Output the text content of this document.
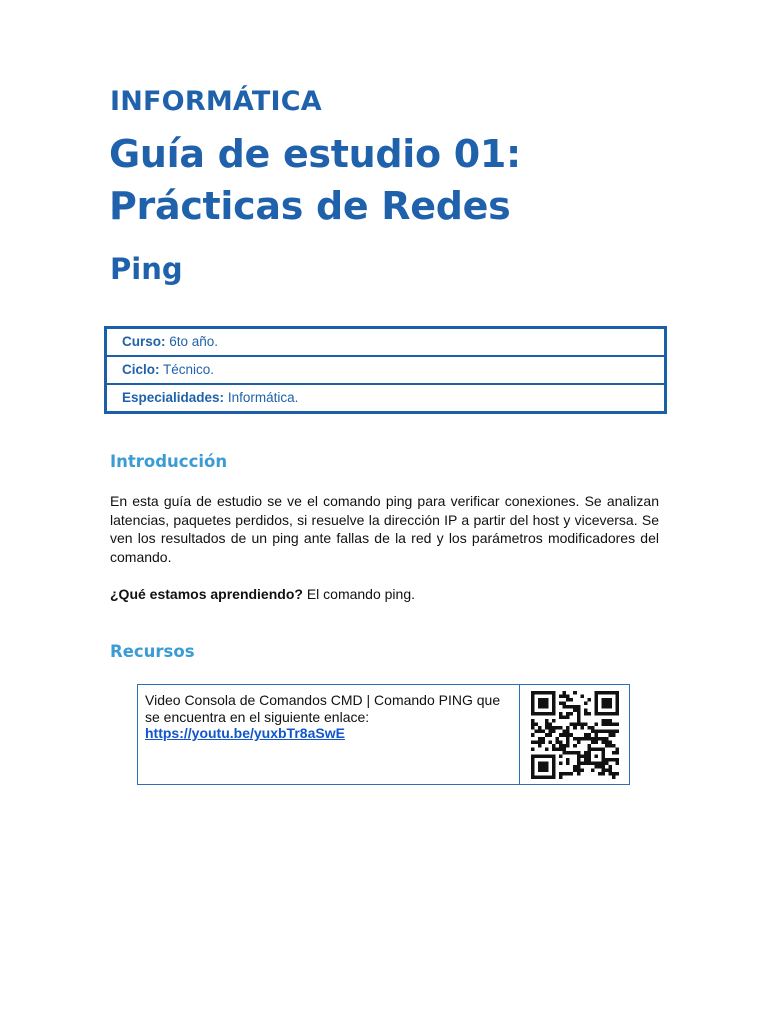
INFORMÁTICA
Guía de estudio 01:
Prácticas de Redes
Ping
Curso: 6to año.
Ciclo: Técnico.
Especialidades: Informática.
Introducción
En esta guía de estudio se ve el comando ping para verificar conexiones. Se analizan latencias, paquetes perdidos, si resuelve la dirección IP a partir del host y viceversa. Se ven los resultados de un ping ante fallas de la red y los parámetros modificadores del comando.
¿Qué estamos aprendiendo? El comando ping.
Recursos
Video Consola de Comandos CMD | Comando PING que se encuentra en el siguiente enlace:
https://youtu.be/yuxbTr8aSwE
